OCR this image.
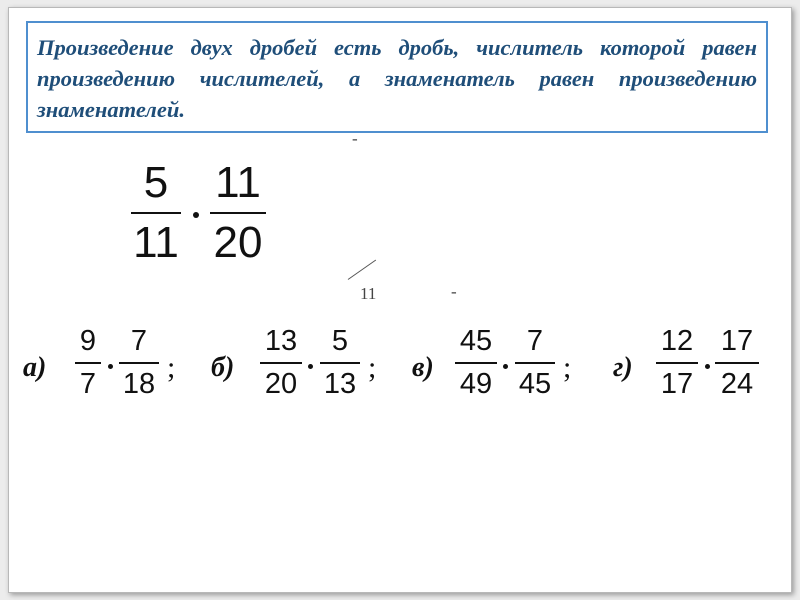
Произведение двух дробей есть дробь, числитель которой равен произведению числителей, а знаменатель равен произведению знаменателей.

-
5
11
11
20
11	-
а)
9
7
7
18 ; б)
13
20
5
13 ; в)
45
49
7
45 ; г)
12
17
17
24
